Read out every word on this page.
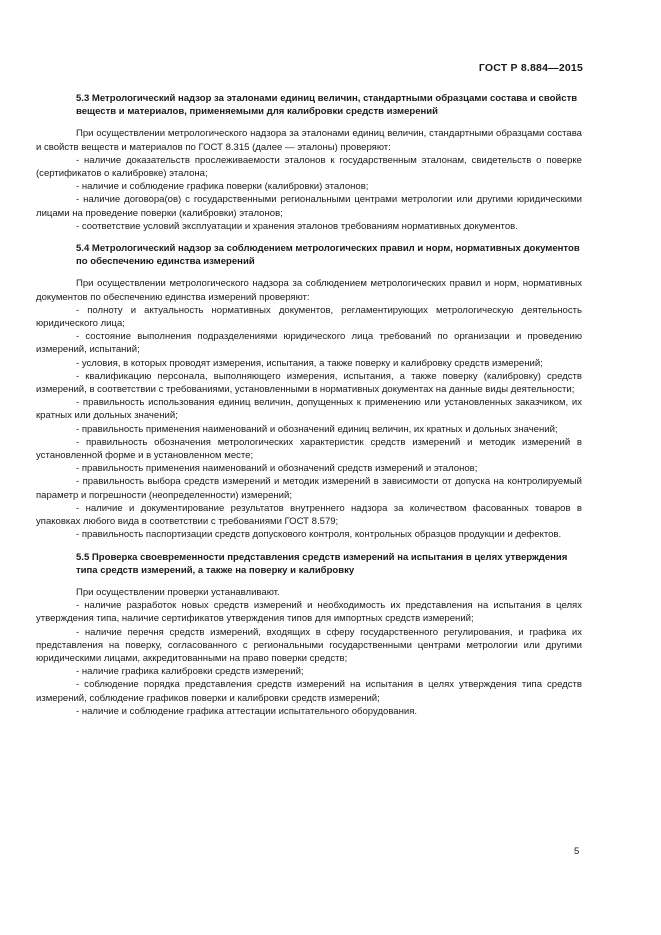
ГОСТ Р 8.884—2015
5.3 Метрологический надзор за эталонами единиц величин, стандартными образцами состава и свойств веществ и материалов, применяемыми для калибровки средств измерений

При осуществлении метрологического надзора за эталонами единиц величин, стандартными образцами состава и свойств веществ и материалов по ГОСТ 8.315 (далее — эталоны) проверяют:

- наличие доказательств прослеживаемости эталонов к государственным эталонам, свидетельств о поверке (сертификатов о калибровке) эталона;

- наличие и соблюдение графика поверки (калибровки) эталонов;

- наличие договора(ов) с государственными региональными центрами метрологии или другими юридическими лицами на проведение поверки (калибровки) эталонов;

- соответствие условий эксплуатации и хранения эталонов требованиям нормативных документов.

5.4 Метрологический надзор за соблюдением метрологических правил и норм, нормативных документов по обеспечению единства измерений

При осуществлении метрологического надзора за соблюдением метрологических правил и норм, нормативных документов по обеспечению единства измерений проверяют:

- полноту и актуальность нормативных документов, регламентирующих метрологическую деятельность юридического лица;

- состояние выполнения подразделениями юридического лица требований по организации и проведению измерений, испытаний;

- условия, в которых проводят измерения, испытания, а также поверку и калибровку средств измерений;

- квалификацию персонала, выполняющего измерения, испытания, а также поверку (калибровку) средств измерений, в соответствии с требованиями, установленными в нормативных документах на данные виды деятельности;

- правильность использования единиц величин, допущенных к применению или установленных заказчиком, их кратных или дольных значений;

- правильность применения наименований и обозначений единиц величин, их кратных и дольных значений;

- правильность обозначения метрологических характеристик средств измерений и методик измерений в установленной форме и в установленном месте;

- правильность применения наименований и обозначений средств измерений и эталонов;

- правильность выбора средств измерений и методик измерений в зависимости от допуска на контролируемый параметр и погрешности (неопределенности) измерений;

- наличие и документирование результатов внутреннего надзора за количеством фасованных товаров в упаковках любого вида в соответствии с требованиями ГОСТ 8.579;

- правильность паспортизации средств допускового контроля, контрольных образцов продукции и дефектов.

5.5 Проверка своевременности представления средств измерений на испытания в целях утверждения типа средств измерений, а также на поверку и калибровку

При осуществлении проверки устанавливают.

- наличие разработок новых средств измерений и необходимость их представления на испытания в целях утверждения типа, наличие сертификатов утверждения типов для импортных средств измерений;

- наличие перечня средств измерений, входящих в сферу государственного регулирования, и графика их представления на поверку, согласованного с региональными государственными центрами метрологии или другими юридическими лицами, аккредитованными на право поверки средств;

- наличие графика калибровки средств измерений;

- соблюдение порядка представления средств измерений на испытания в целях утверждения типа средств измерений, соблюдение графиков поверки и калибровки средств измерений;

- наличие и соблюдение графика аттестации испытательного оборудования.

5
